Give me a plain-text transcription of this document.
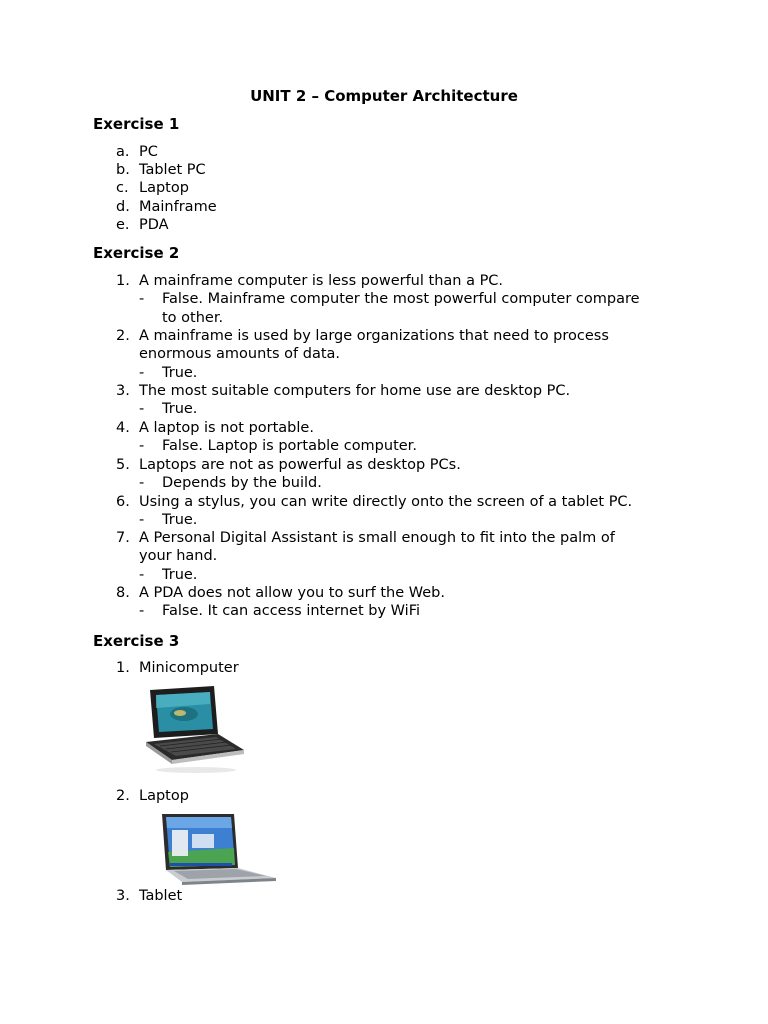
UNIT 2 – Computer Architecture
Exercise 1
a. PC
b. Tablet PC
c. Laptop
d. Mainframe
e. PDA
Exercise 2
1. A mainframe computer is less powerful than a PC.
- False. Mainframe computer the most powerful computer compare
to other.
2. A mainframe is used by large organizations that need to process
enormous amounts of data.
- True.
3. The most suitable computers for home use are desktop PC.
- True.
4. A laptop is not portable.
- False. Laptop is portable computer.
5. Laptops are not as powerful as desktop PCs.
- Depends by the build.
6. Using a stylus, you can write directly onto the screen of a tablet PC.
- True.
7. A Personal Digital Assistant is small enough to fit into the palm of
your hand.
- True.
8. A PDA does not allow you to surf the Web.
- False. It can access internet by WiFi
Exercise 3
1. Minicomputer
2. Laptop
3. Tablet
